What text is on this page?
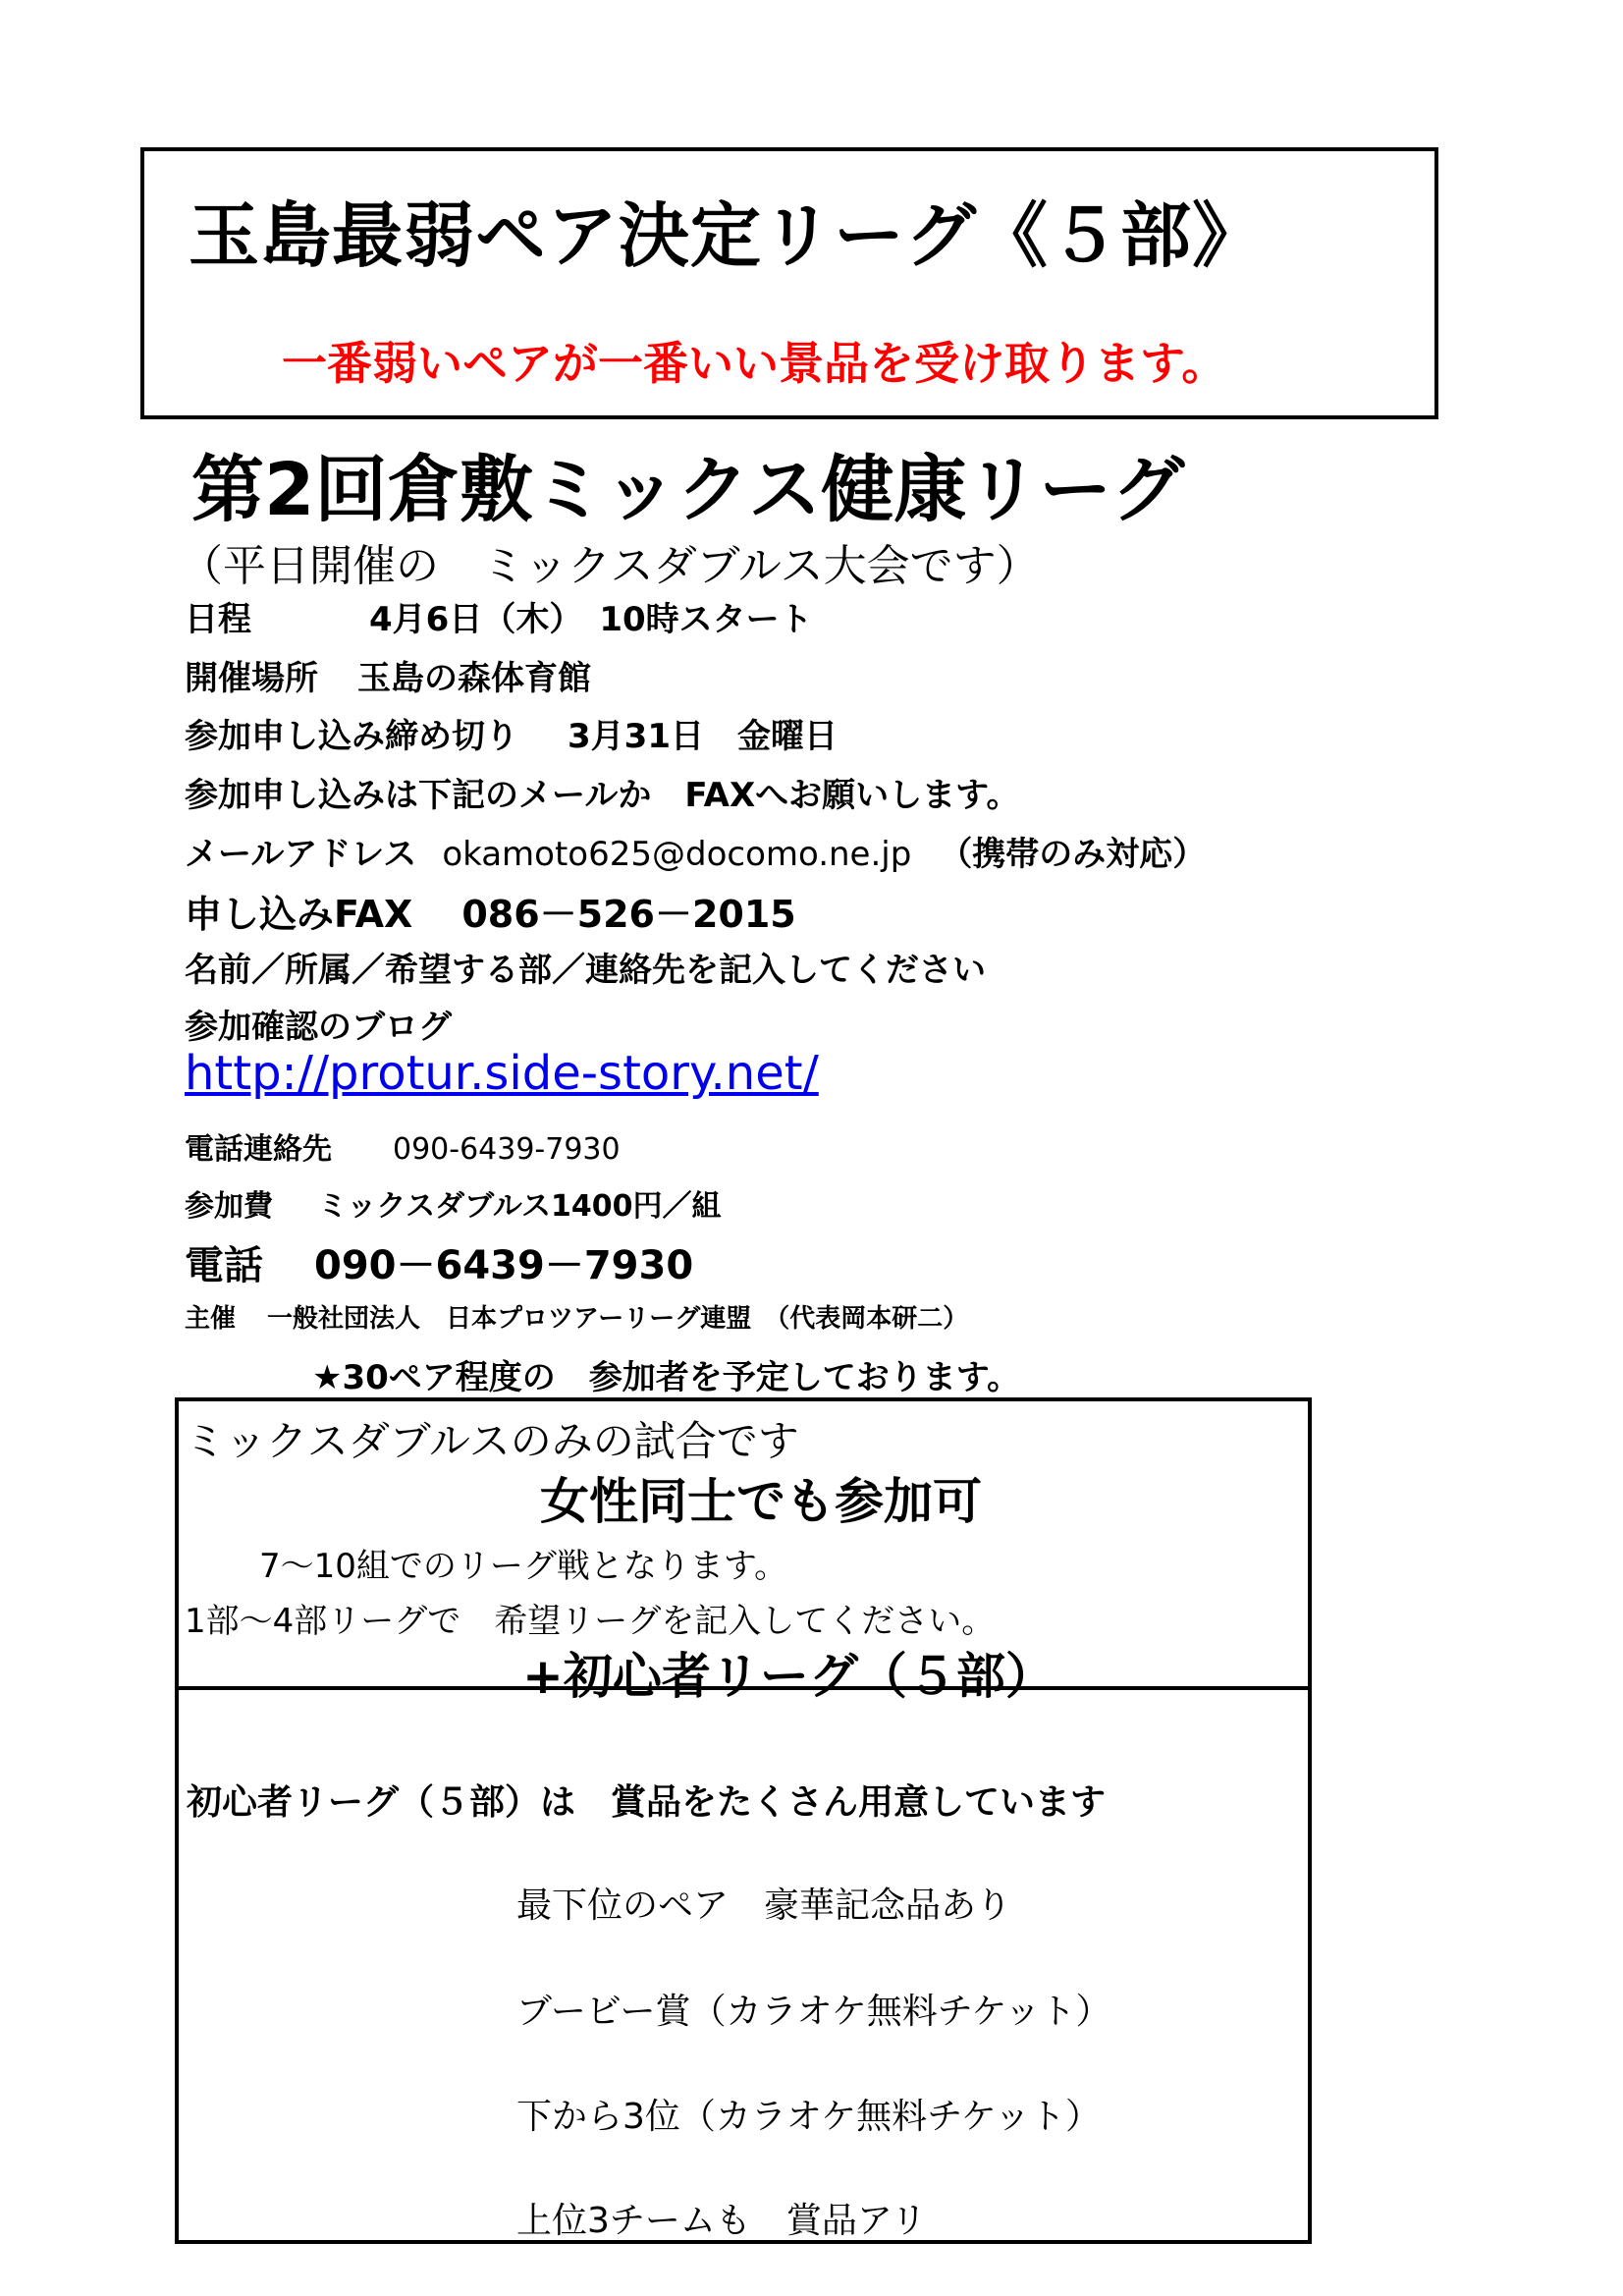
玉島最弱ペア決定リーグ《５部》
一番弱いペアが一番いい景品を受け取ります。
第2回倉敷ミックス健康リーグ
（平日開催の　ミックスダブルス大会です）
日程	4月6日（木）　10時スタート
開催場所 玉島の森体育館
参加申し込み締め切り 3月31日　金曜日
参加申し込みは下記のメールか　FAXへお願いします。
メールアドレス okamoto625@docomo.ne.jp （携帯のみ対応）
申し込みFAX 086－526－2015
名前／所属／希望する部／連絡先を記入してください
参加確認のブログ
http://protur.side-story.net/
電話連絡先 090-6439-7930
参加費 ミックスダブルス1400円／組
電話 090－6439－7930
主催 一般社団法人　日本プロツアーリーグ連盟　（代表岡本研二）
★30ペア程度の　参加者を予定しております。
ミックスダブルスのみの試合です
女性同士でも参加可
7～10組でのリーグ戦となります。
1部～4部リーグで　希望リーグを記入してください。
+初心者リーグ（５部）
初心者リーグ（５部）は　賞品をたくさん用意しています
最下位のペア　豪華記念品あり
ブービー賞（カラオケ無料チケット）
下から3位（カラオケ無料チケット）
上位3チームも　賞品アリ
